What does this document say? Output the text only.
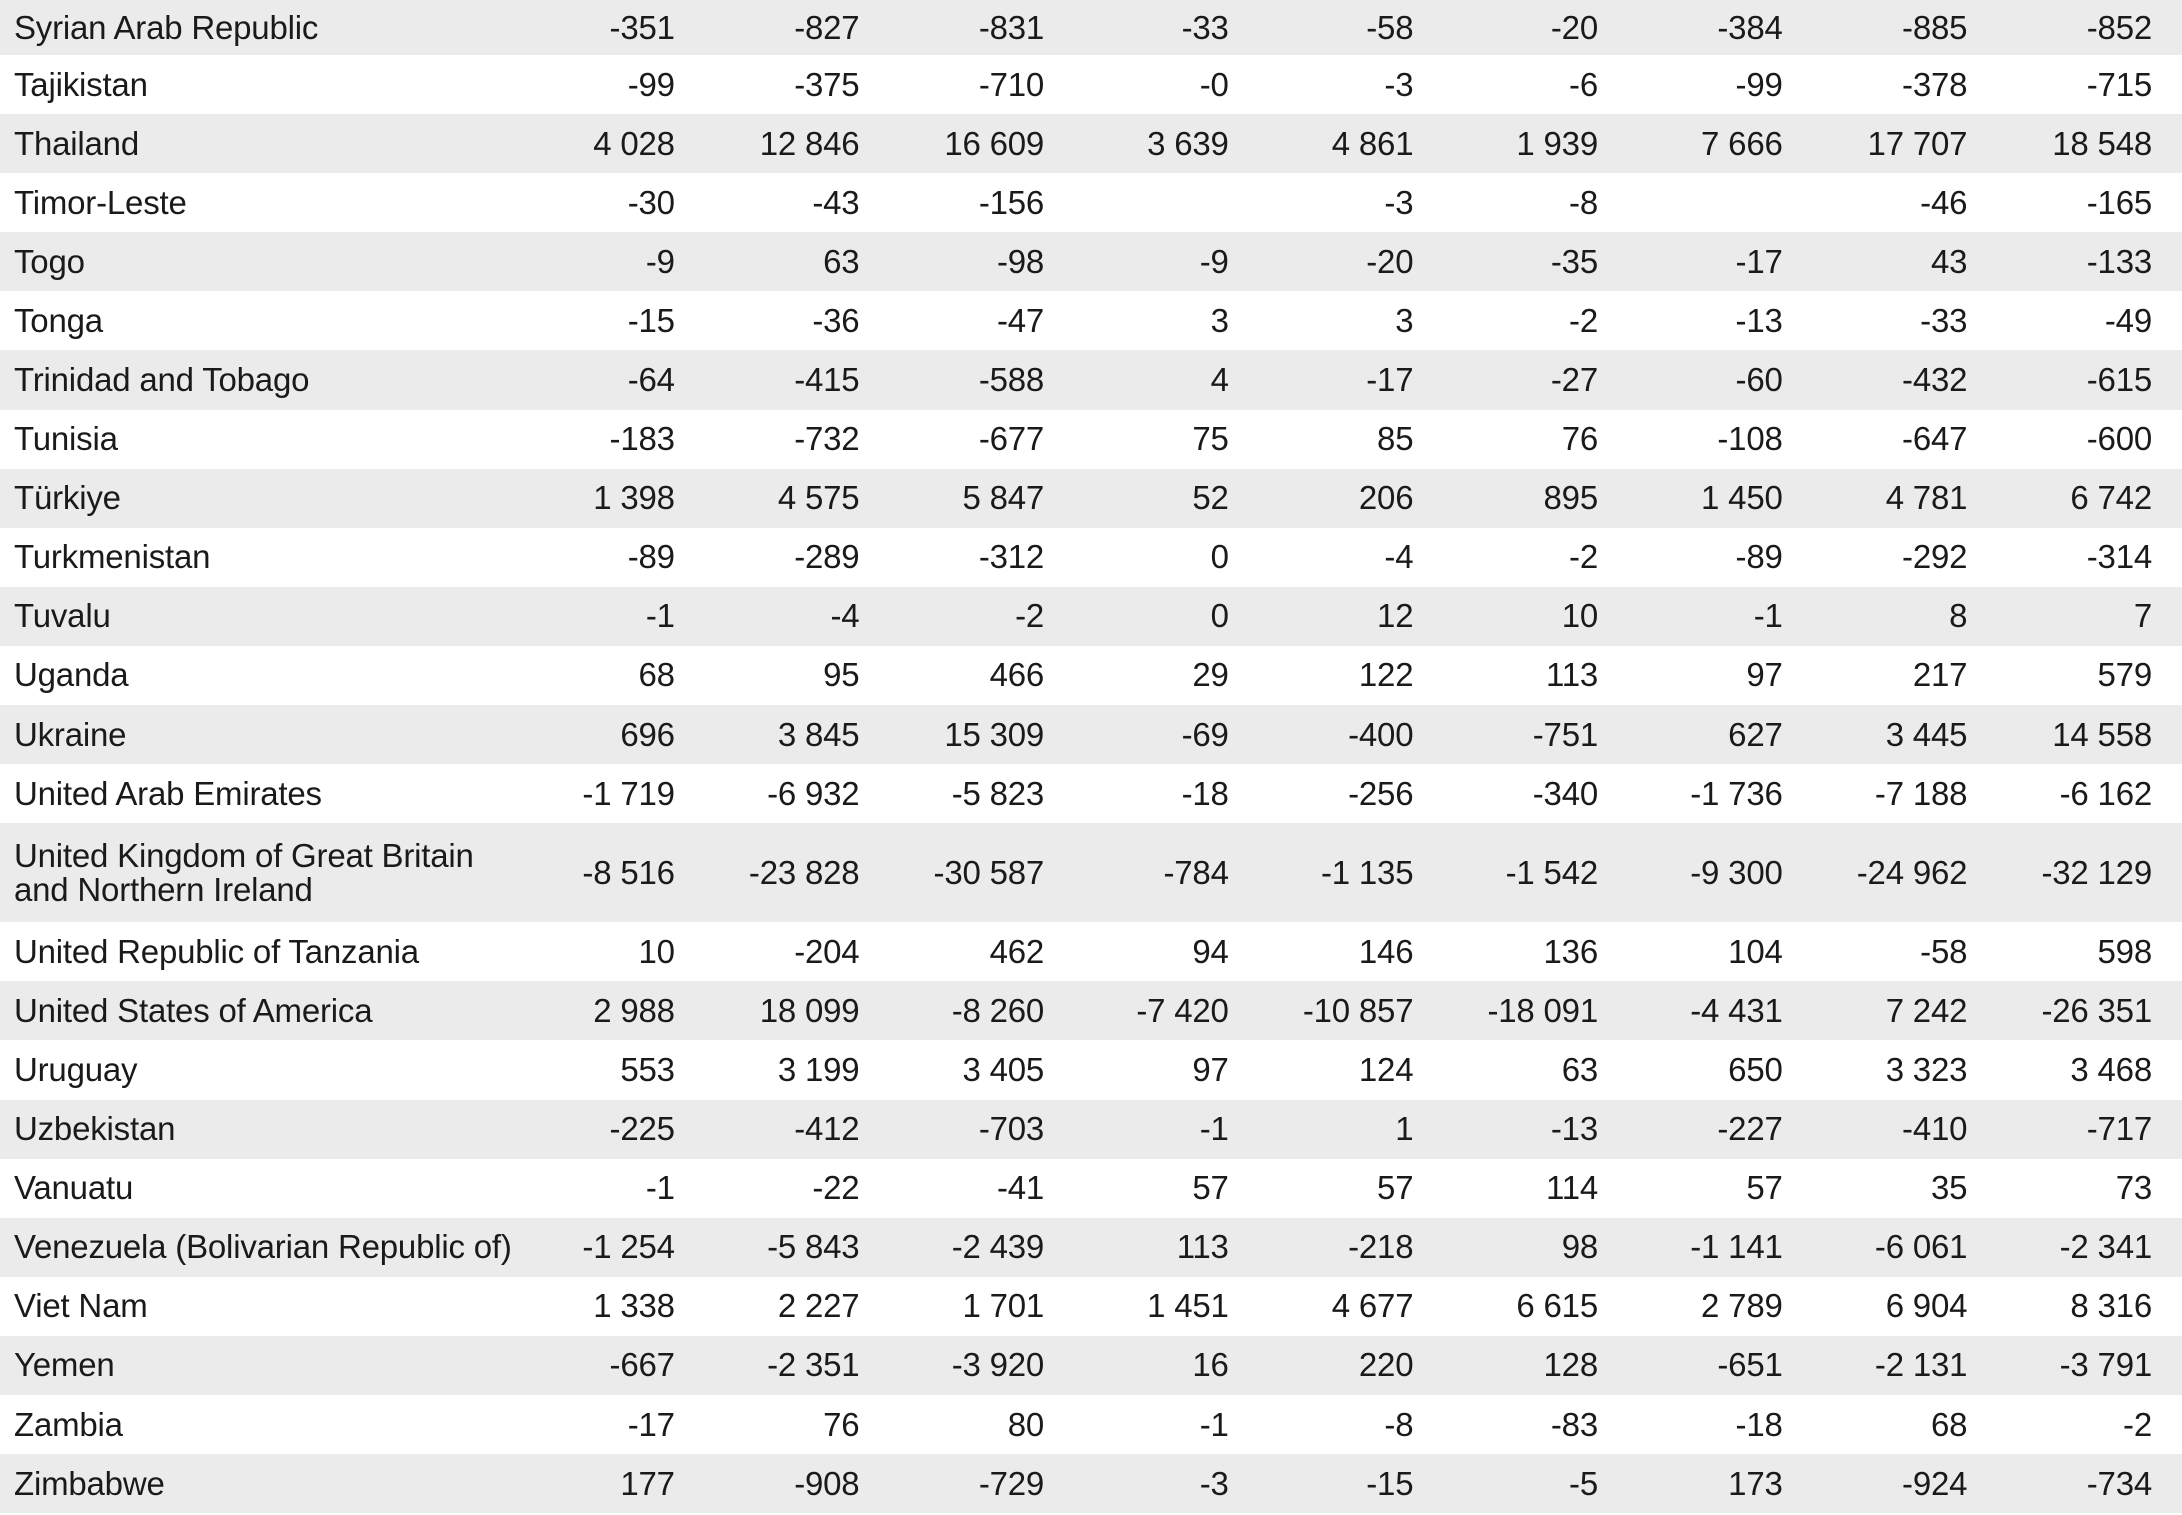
Syrian Arab Republic	-351	-827	-831	-33	-58	-20	-384	-885	-852
Tajikistan	-99	-375	-710	-0	-3	-6	-99	-378	-715
Thailand	4 028	12 846	16 609	3 639	4 861	1 939	7 666	17 707	18 548
Timor-Leste	-30	-43	-156		-3	-8		-46	-165
Togo	-9	63	-98	-9	-20	-35	-17	43	-133
Tonga	-15	-36	-47	3	3	-2	-13	-33	-49
Trinidad and Tobago	-64	-415	-588	4	-17	-27	-60	-432	-615
Tunisia	-183	-732	-677	75	85	76	-108	-647	-600
Türkiye	1 398	4 575	5 847	52	206	895	1 450	4 781	6 742
Turkmenistan	-89	-289	-312	0	-4	-2	-89	-292	-314
Tuvalu	-1	-4	-2	0	12	10	-1	8	7
Uganda	68	95	466	29	122	113	97	217	579
Ukraine	696	3 845	15 309	-69	-400	-751	627	3 445	14 558
United Arab Emirates	-1 719	-6 932	-5 823	-18	-256	-340	-1 736	-7 188	-6 162
United Kingdom of Great Britain and Northern Ireland	-8 516	-23 828	-30 587	-784	-1 135	-1 542	-9 300	-24 962	-32 129
United Republic of Tanzania	10	-204	462	94	146	136	104	-58	598
United States of America	2 988	18 099	-8 260	-7 420	-10 857	-18 091	-4 431	7 242	-26 351
Uruguay	553	3 199	3 405	97	124	63	650	3 323	3 468
Uzbekistan	-225	-412	-703	-1	1	-13	-227	-410	-717
Vanuatu	-1	-22	-41	57	57	114	57	35	73
Venezuela (Bolivarian Republic of)	-1 254	-5 843	-2 439	113	-218	98	-1 141	-6 061	-2 341
Viet Nam	1 338	2 227	1 701	1 451	4 677	6 615	2 789	6 904	8 316
Yemen	-667	-2 351	-3 920	16	220	128	-651	-2 131	-3 791
Zambia	-17	76	80	-1	-8	-83	-18	68	-2
Zimbabwe	177	-908	-729	-3	-15	-5	173	-924	-734
